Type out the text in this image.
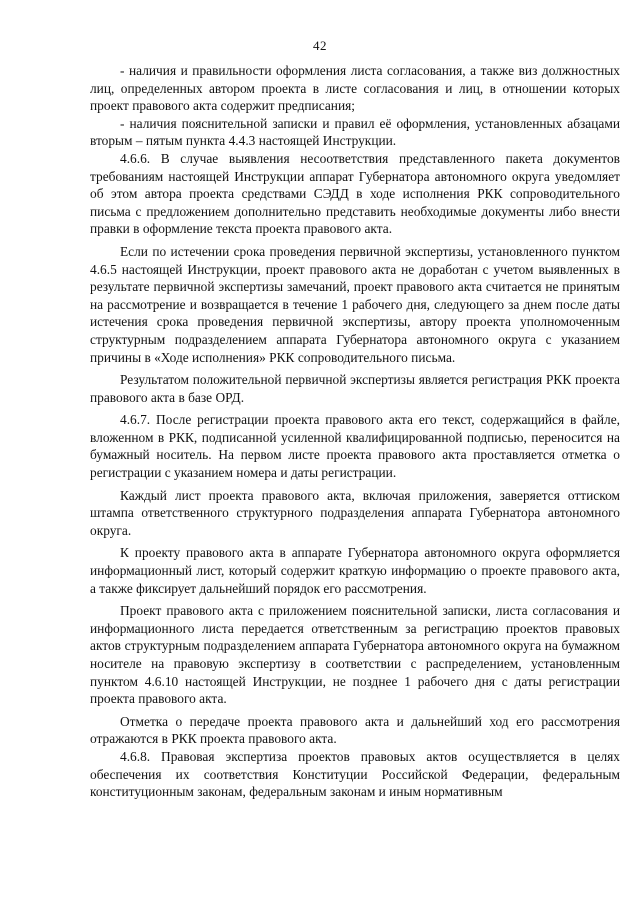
42

- наличия и правильности оформления листа согласования, а также виз должностных лиц, определенных автором проекта в листе согласования и лиц, в отношении которых проект правового акта содержит предписания;

- наличия пояснительной записки и правил её оформления, установленных абзацами вторым – пятым пункта 4.4.3 настоящей Инструкции.

4.6.6. В случае выявления несоответствия представленного пакета документов требованиям настоящей Инструкции аппарат Губернатора автономного округа уведомляет об этом автора проекта средствами СЭДД в ходе исполнения РКК сопроводительного письма с предложением дополнительно представить необходимые документы либо внести правки в оформление текста проекта правового акта.

Если по истечении срока проведения первичной экспертизы, установленного пунктом 4.6.5 настоящей Инструкции, проект правового акта не доработан с учетом выявленных в результате первичной экспертизы замечаний, проект правового акта считается не принятым на рассмотрение и возвращается в течение 1 рабочего дня, следующего за днем после даты истечения срока проведения первичной экспертизы, автору проекта уполномоченным структурным подразделением аппарата Губернатора автономного округа с указанием причины в «Ходе исполнения» РКК сопроводительного письма.

Результатом положительной первичной экспертизы является регистрация РКК проекта правового акта в базе ОРД.

4.6.7. После регистрации проекта правового акта его текст, содержащийся в файле, вложенном в РКК, подписанной усиленной квалифицированной подписью, переносится на бумажный носитель. На первом листе проекта правового акта проставляется отметка о регистрации с указанием номера и даты регистрации.

Каждый лист проекта правового акта, включая приложения, заверяется оттиском штампа ответственного структурного подразделения аппарата Губернатора автономного округа.

К проекту правового акта в аппарате Губернатора автономного округа оформляется информационный лист, который содержит краткую информацию о проекте правового акта, а также фиксирует дальнейший порядок его рассмотрения.

Проект правового акта с приложением пояснительной записки, листа согласования и информационного листа передается ответственным за регистрацию проектов правовых актов структурным подразделением аппарата Губернатора автономного округа на бумажном носителе на правовую экспертизу в соответствии с распределением, установленным пунктом 4.6.10 настоящей Инструкции, не позднее 1 рабочего дня с даты регистрации проекта правового акта.

Отметка о передаче проекта правового акта и дальнейший ход его рассмотрения отражаются в РКК проекта правового акта.

4.6.8. Правовая экспертиза проектов правовых актов осуществляется в целях обеспечения их соответствия Конституции Российской Федерации, федеральным конституционным законам, федеральным законам и иным нормативным
